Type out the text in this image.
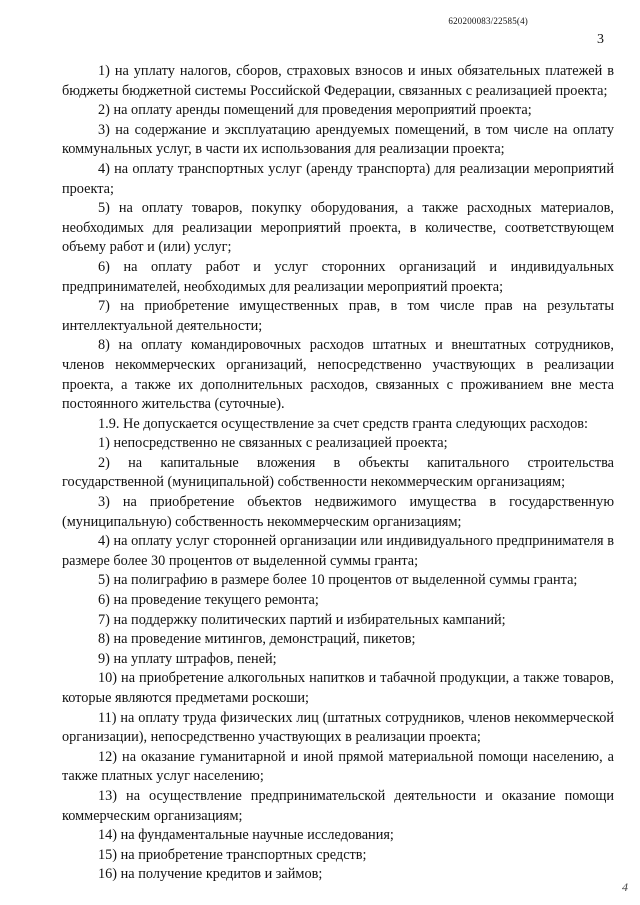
620200083/22585(4)
3

1) на уплату налогов, сборов, страховых взносов и иных обязательных платежей в бюджеты бюджетной системы Российской Федерации, связанных с реализацией проекта;

2) на оплату аренды помещений для проведения мероприятий проекта;

3) на содержание и эксплуатацию арендуемых помещений, в том числе на оплату коммунальных услуг, в части их использования для реализации проекта;

4) на оплату транспортных услуг (аренду транспорта) для реализации мероприятий проекта;

5) на оплату товаров, покупку оборудования, а также расходных материалов, необходимых для реализации мероприятий проекта, в количестве, соответствующем объему работ и (или) услуг;

6) на оплату работ и услуг сторонних организаций и индивидуальных предпринимателей, необходимых для реализации мероприятий проекта;

7) на приобретение имущественных прав, в том числе прав на результаты интеллектуальной деятельности;

8) на оплату командировочных расходов штатных и внештатных сотрудников, членов некоммерческих организаций, непосредственно участвующих в реализации проекта, а также их дополнительных расходов, связанных с проживанием вне места постоянного жительства (суточные).

1.9. Не допускается осуществление за счет средств гранта следующих расходов:

1) непосредственно не связанных с реализацией проекта;

2) на капитальные вложения в объекты капитального строительства государственной (муниципальной) собственности некоммерческим организациям;

3) на приобретение объектов недвижимого имущества в государственную (муниципальную) собственность некоммерческим организациям;

4) на оплату услуг сторонней организации или индивидуального предпринимателя в размере более 30 процентов от выделенной суммы гранта;

5) на полиграфию в размере более 10 процентов от выделенной суммы гранта;

6) на проведение текущего ремонта;

7) на поддержку политических партий и избирательных кампаний;

8) на проведение митингов, демонстраций, пикетов;

9) на уплату штрафов, пеней;

10) на приобретение алкогольных напитков и табачной продукции, а также товаров, которые являются предметами роскоши;

11) на оплату труда физических лиц (штатных сотрудников, членов некоммерческой организации), непосредственно участвующих в реализации проекта;

12) на оказание гуманитарной и иной прямой материальной помощи населению, а также платных услуг населению;

13) на осуществление предпринимательской деятельности и оказание помощи коммерческим организациям;

14) на фундаментальные научные исследования;

15) на приобретение транспортных средств;

16) на получение кредитов и займов;

4
